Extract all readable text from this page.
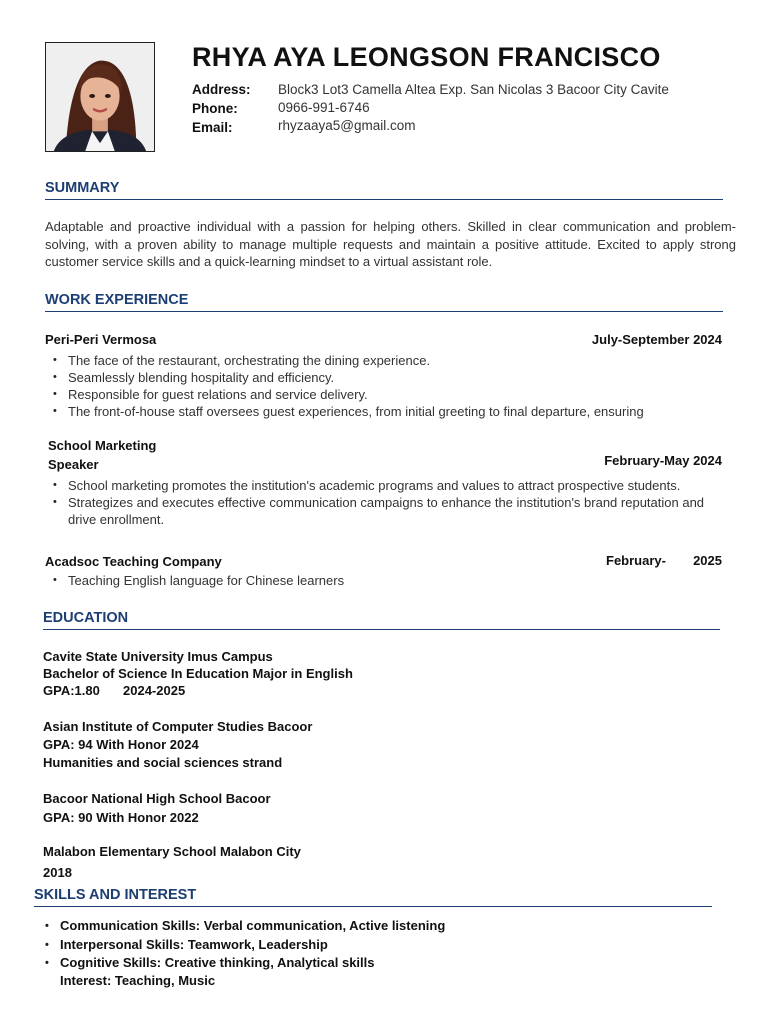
RHYA AYA LEONGSON FRANCISCO
Address: Block3 Lot3 Camella Altea Exp. San Nicolas 3 Bacoor City Cavite
Phone:	0966-991-6746
Email:	rhyzaaya5@gmail.com
SUMMARY
Adaptable and proactive individual with a passion for helping others. Skilled in clear communication and problem-solving, with a proven ability to manage multiple requests and maintain a positive attitude. Excited to apply strong customer service skills and a quick-learning mindset to a virtual assistant role.
WORK EXPERIENCE
Peri-Peri Vermosa	July-September 2024
• The face of the restaurant, orchestrating the dining experience.
• Seamlessly blending hospitality and efficiency.
• Responsible for guest relations and service delivery.
• The front-of-house staff oversees guest experiences, from initial greeting to final departure, ensuring
School Marketing
Speaker	February-May 2024
• School marketing promotes the institution's academic programs and values to attract prospective students.
• Strategizes and executes effective communication campaigns to enhance the institution's brand reputation and drive enrollment.
Acadsoc Teaching Company	February- 2025
• Teaching English language for Chinese learners
EDUCATION
Cavite State University Imus Campus
Bachelor of Science In Education Major in English
GPA:1.80 2024-2025
Asian Institute of Computer Studies Bacoor
GPA: 94 With Honor 2024
Humanities and social sciences strand
Bacoor National High School Bacoor
GPA: 90 With Honor 2022
Malabon Elementary School Malabon City
2018
SKILLS AND INTEREST
• Communication Skills: Verbal communication, Active listening
• Interpersonal Skills: Teamwork, Leadership
• Cognitive Skills: Creative thinking, Analytical skills
Interest: Teaching, Music
